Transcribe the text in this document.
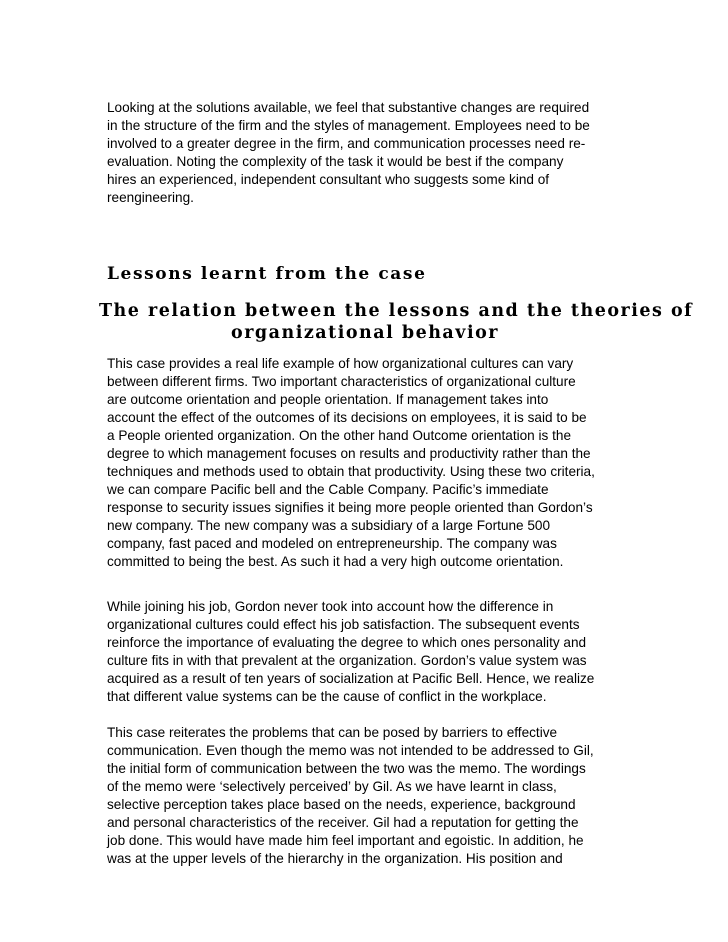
Looking at the solutions available, we feel that substantive changes are required
in the structure of the firm and the styles of management. Employees need to be
involved to a greater degree in the firm, and communication processes need re-
evaluation. Noting the complexity of the task it would be best if the company
hires an experienced, independent consultant who suggests some kind of
reengineering.

Lessons learnt from the case
The relation between the lessons and the theories of
organizational behavior

This case provides a real life example of how organizational cultures can vary
between different firms. Two important characteristics of organizational culture
are outcome orientation and people orientation. If management takes into
account the effect of the outcomes of its decisions on employees, it is said to be
a People oriented organization. On the other hand Outcome orientation is the
degree to which management focuses on results and productivity rather than the
techniques and methods used to obtain that productivity. Using these two criteria,
we can compare Pacific bell and the Cable Company. Pacific’s immediate
response to security issues signifies it being more people oriented than Gordon’s
new company. The new company was a subsidiary of a large Fortune 500
company, fast paced and modeled on entrepreneurship. The company was
committed to being the best. As such it had a very high outcome orientation.

While joining his job, Gordon never took into account how the difference in
organizational cultures could effect his job satisfaction. The subsequent events
reinforce the importance of evaluating the degree to which ones personality and
culture fits in with that prevalent at the organization. Gordon’s value system was
acquired as a result of ten years of socialization at Pacific Bell. Hence, we realize
that different value systems can be the cause of conflict in the workplace.

This case reiterates the problems that can be posed by barriers to effective
communication. Even though the memo was not intended to be addressed to Gil,
the initial form of communication between the two was the memo. The wordings
of the memo were ‘selectively perceived’ by Gil. As we have learnt in class,
selective perception takes place based on the needs, experience, background
and personal characteristics of the receiver. Gil had a reputation for getting the
job done. This would have made him feel important and egoistic. In addition, he
was at the upper levels of the hierarchy in the organization. His position and
